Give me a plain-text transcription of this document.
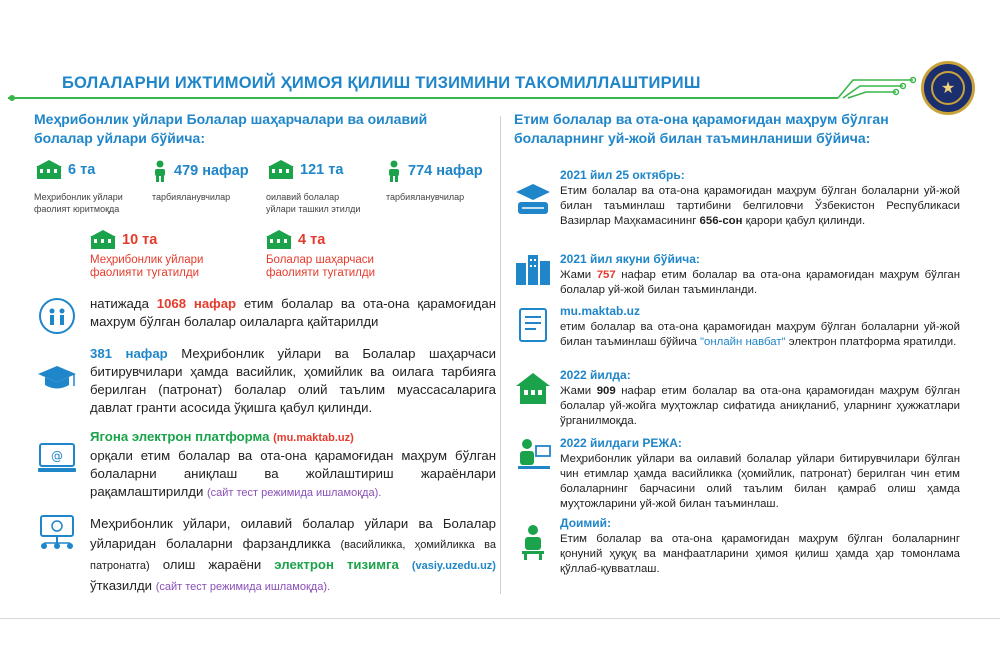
БОЛАЛАРНИ ИЖТИМОИЙ ҲИМОЯ ҚИЛИШ ТИЗИМИНИ ТАКОМИЛЛАШТИРИШ	★
Меҳрибонлик уйлари Болалар шаҳарчалари ва оилавий
болалар уйлари бўйича:
6 та
Меҳрибонлик уйлари
фаолият юритмоқда
479 нафар
тарбияланувчилар
121 та
оилавий болалар
уйлари ташкил этилди
774 нафар
тарбияланувчилар
10 та
Меҳрибонлик уйлари
фаолияти тугатилди
4 та
Болалар шаҳарчаси
фаолияти тугатилди
@
натижада 1068 нафар етим болалар ва ота-она қарамоғидан махрум бўлган болалар оилаларга қайтарилди
381 нафар Меҳрибонлик уйлари ва Болалар шаҳарчаси битирувчилари ҳамда васийлик, ҳомийлик ва оилага тарбияга берилган (патронат) болалар олий таълим муассасаларига давлат гранти асосида ўқишга қабул қилинди.
Ягона электрон платформа (mu.maktab.uz)
орқали етим болалар ва ота-она қарамоғидан маҳрум бўлган болаларни аниқлаш ва жойлаштириш жараёнлари рақамлаштирилди (сайт тест режимида ишламоқда).
Меҳрибонлик уйлари, оилавий болалар уйлари ва Болалар уйларидан болаларни фарзандликка (васийликка, ҳомийликка ва патронатга) олиш жараёни электрон тизимга (vasiy.uzedu.uz) ўтказилди (сайт тест режимида ишламоқда).
Етим болалар ва ота-она қарамоғидан маҳрум бўлган
болаларнинг уй-жой билан таъминланиши бўйича:
2021 йил 25 октябрь:
Етим болалар ва ота-она қарамоғидан маҳрум бўлган болаларни уй-жой билан таъминлаш тартибини белгиловчи Ўзбекистон Республикаси Вазирлар Маҳкамасининг 656-сон қарори қабул қилинди.
2021 йил якуни бўйича:
Жами 757 нафар етим болалар ва ота-она қарамоғидан маҳрум бўлган болалар уй-жой билан таъминланди.
mu.maktab.uz
етим болалар ва ота-она қарамоғидан маҳрум бўлган болаларни уй-жой билан таъминлаш бўйича "онлайн навбат" электрон платформа яратилди.
2022 йилда:
Жами 909 нафар етим болалар ва ота-она қарамоғидан маҳрум бўлган болалар уй-жойга муҳтожлар сифатида аниқланиб, уларнинг ҳужжатлари ўрганилмоқда.
2022 йилдаги РЕЖА:
Меҳрибонлик уйлари ва оилавий болалар уйлари битирувчилари бўлган чин етимлар ҳамда васийликка (ҳомийлик, патронат) берилган чин етим болаларнинг барчасини олий таълим билан қамраб олиш ҳамда муҳтожларини уй-жой билан таъминлаш.
Доимий:
Етим болалар ва ота-она қарамоғидан маҳрум бўлган болаларнинг қонуний ҳуқуқ ва манфаатларини ҳимоя қилиш ҳамда ҳар томонлама қўллаб-қувватлаш.
